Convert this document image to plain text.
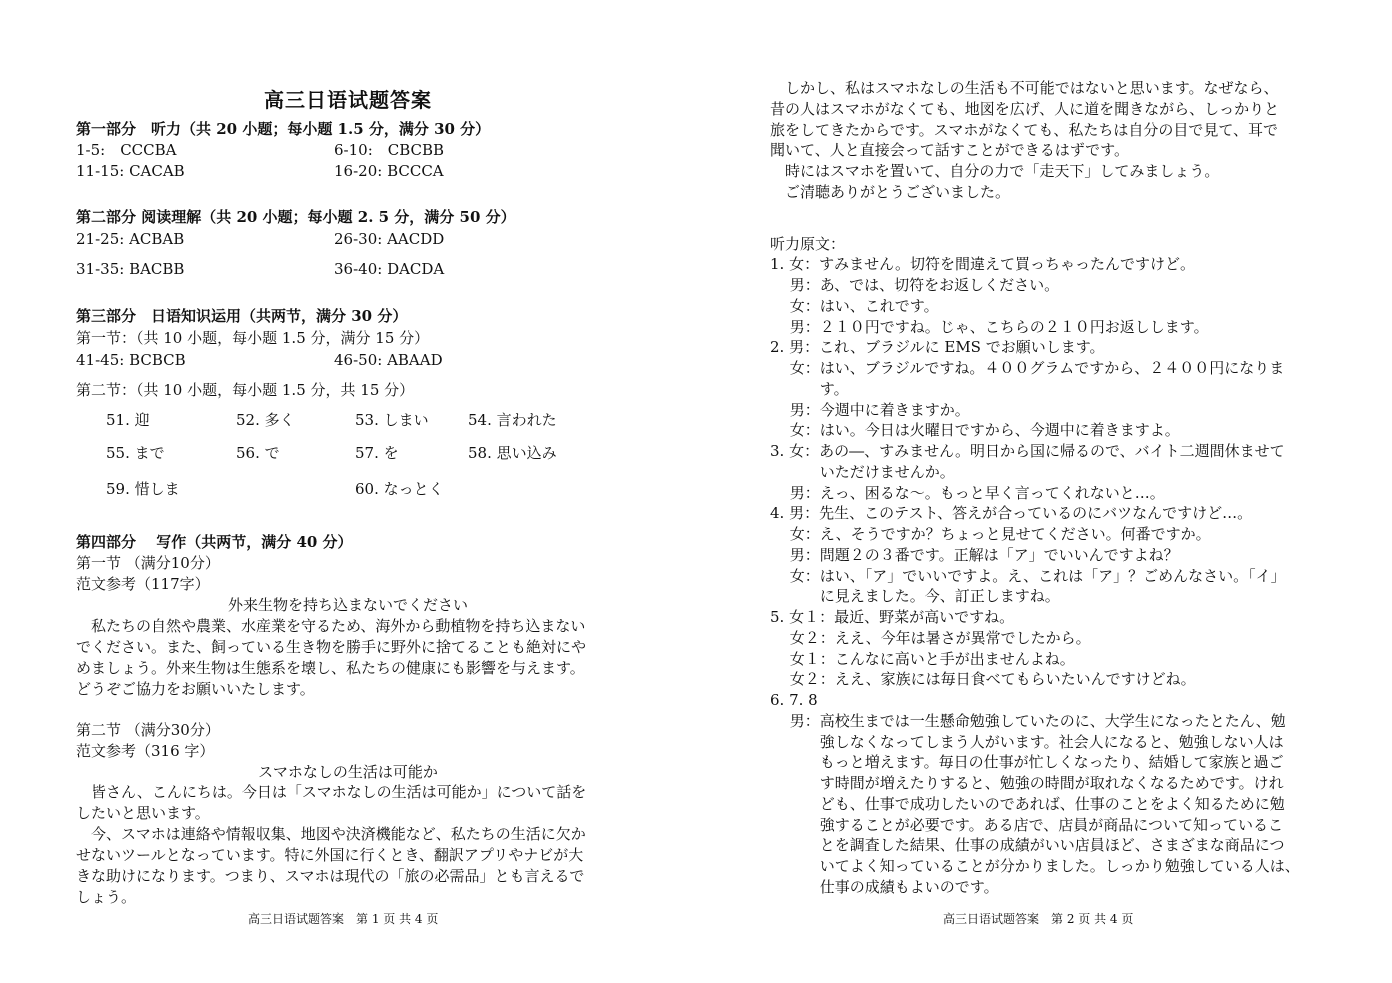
高三日语试题答案
第一部分　听力（共 20 小题；每小题 1.5 分，满分 30 分）
1-5:　CCCBA	6-10:　CBCBB
11-15: CACAB	16-20: BCCCA
第二部分 阅读理解（共 20 小题；每小题 2. 5 分，满分 50 分）
21-25: ACBAB	26-30: AACDD
31-35: BACBB	36-40: DACDA
第三部分　日语知识运用（共两节，满分 30 分）
第一节：（共 10 小题，每小题 1.5 分，满分 15 分）
41-45: BCBCB	46-50: ABAAD
第二节：（共 10 小题，每小题 1.5 分，共 15 分）
51. 迎	52. 多く	53. しまい	54. 言われた
55. まで	56. で	57. を	58. 思い込み
59. 惜しま	60. なっとく
第四部分　 写作（共两节，满分 40 分）
第一节 （满分10分）
范文参考（117字）
外来生物を持ち込まないでください
　私たちの自然や農業、水産業を守るため、海外から動植物を持ち込まない
でください。また、飼っている生き物を勝手に野外に捨てることも絶対にや
めましょう。外来生物は生態系を壊し、私たちの健康にも影響を与えます。
どうぞご協力をお願いいたします。
第二节 （满分30分）
范文参考（316 字）
スマホなしの生活は可能か
　皆さん、こんにちは。今日は「スマホなしの生活は可能か」について話を
したいと思います。
　今、スマホは連絡や情報収集、地図や決済機能など、私たちの生活に欠か
せないツールとなっています。特に外国に行くとき、翻訳アプリやナビが大
きな助けになります。つまり、スマホは現代の「旅の必需品」とも言えるで
しょう。
高三日语试题答案　第 1 页 共 4 页
　しかし、私はスマホなしの生活も不可能ではないと思います。なぜなら、
昔の人はスマホがなくても、地図を広げ、人に道を聞きながら、しっかりと
旅をしてきたからです。スマホがなくても、私たちは自分の目で見て、耳で
聞いて、人と直接会って話すことができるはずです。
　時にはスマホを置いて、自分の力で「走天下」してみましょう。
　ご清聴ありがとうございました。
听力原文：
1. 女：すみません。切符を間違えて買っちゃったんですけど。
　 男：あ、では、切符をお返しください。
　 女：はい、これです。
　 男：２１０円ですね。じゃ、こちらの２１０円お返しします。
2. 男：これ、ブラジルに EMS でお願いします。
　 女：はい、ブラジルですね。４００グラムですから、２４００円になりま
　 　　す。
　 男：今週中に着きますか。
　 女：はい。今日は火曜日ですから、今週中に着きますよ。
3. 女：あの―、すみません。明日から国に帰るので、バイト二週間休ませて
　 　　いただけませんか。
　 男：えっ、困るな～。もっと早く言ってくれないと…。
4. 男：先生、このテスト、答えが合っているのにバツなんですけど…。
　 女：え、そうですか？ちょっと見せてください。何番ですか。
　 男：問題２の３番です。正解は「ア」でいいんですよね？
　 女：はい、「ア」でいいですよ。え、これは「ア」？ごめんなさい。「イ」
　 　　に見えました。今、訂正しますね。
5. 女１：最近、野菜が高いですね。
　 女２：ええ、今年は暑さが異常でしたから。
　 女１：こんなに高いと手が出ませんよね。
　 女２：ええ、家族には毎日食べてもらいたいんですけどね。
6. 7. 8
　 男：高校生までは一生懸命勉強していたのに、大学生になったとたん、勉
　 　　強しなくなってしまう人がいます。社会人になると、勉強しない人は
　 　　もっと増えます。毎日の仕事が忙しくなったり、結婚して家族と過ご
　 　　す時間が増えたりすると、勉強の時間が取れなくなるためです。けれ
　 　　ども、仕事で成功したいのであれば、仕事のことをよく知るために勉
　 　　強することが必要です。ある店で、店員が商品について知っているこ
　 　　とを調査した結果、仕事の成績がいい店員ほど、さまざまな商品につ
　 　　いてよく知っていることが分かりました。しっかり勉強している人は、
　 　　仕事の成績もよいのです。
高三日语试题答案　第 2 页 共 4 页
